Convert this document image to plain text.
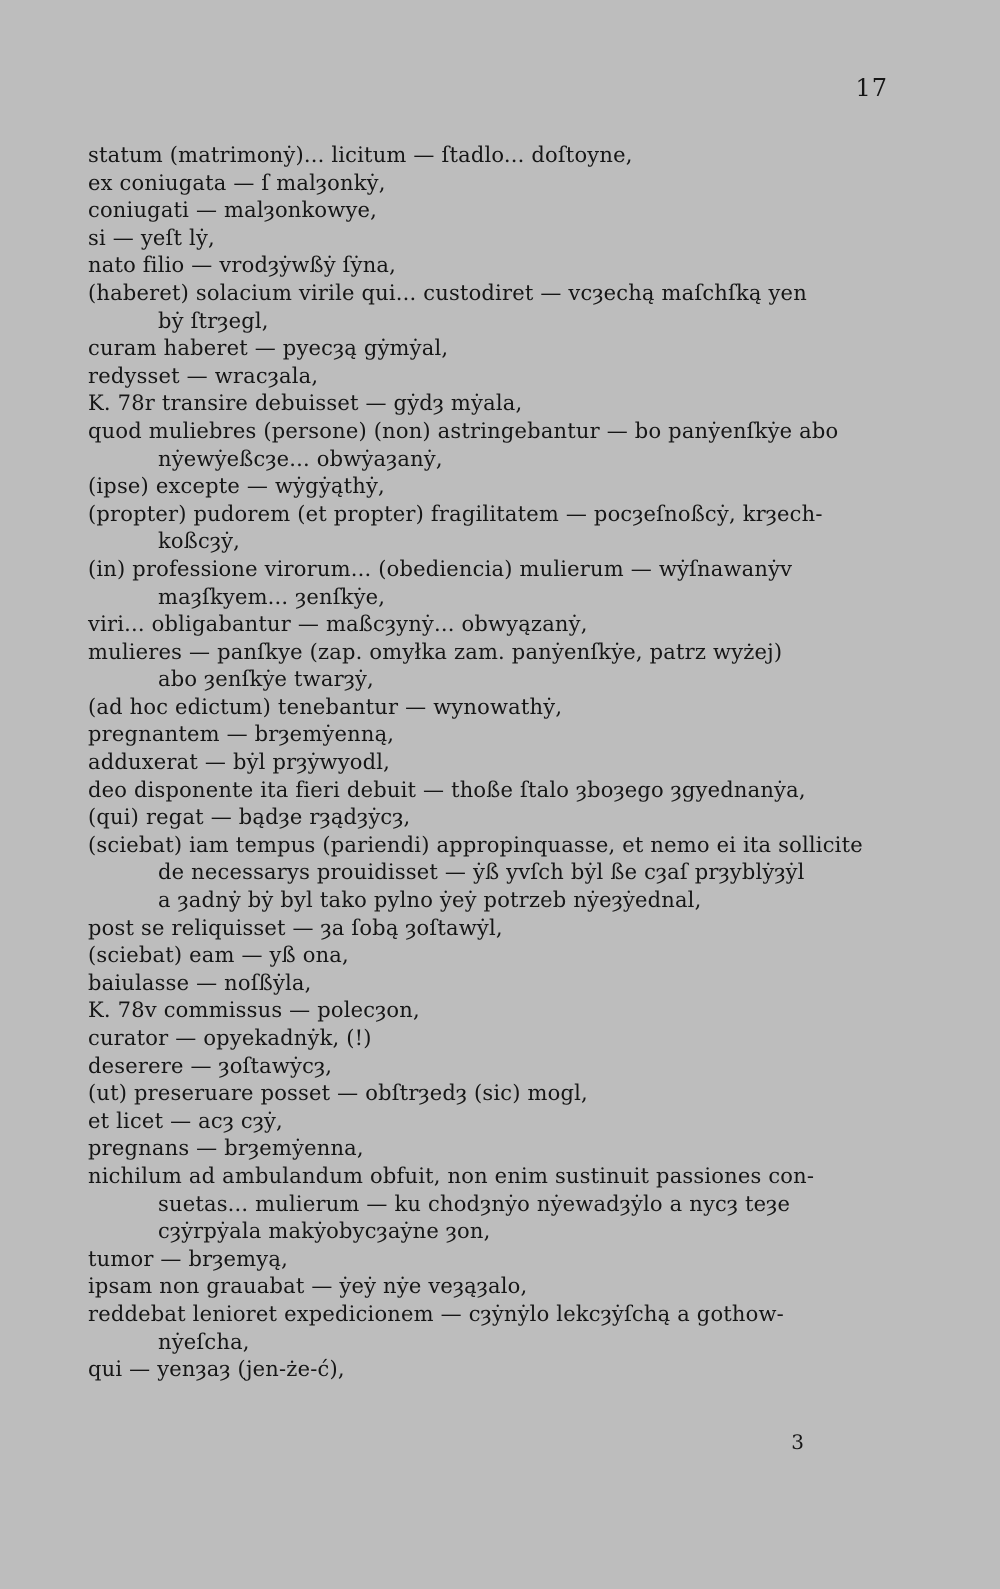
17
statum (matrimonẏ)... licitum — ſtadlo... doſtoyne,
ex coniugata — ſ malȝonkẏ,
coniugati — malȝonkowye,
si — yeſt lẏ,
nato filio — vrodȝẏwßẏ ſẏna,
(haberet) solacium virile qui... custodiret — vcȝechą maſchſką yen
bẏ ſtrȝegl,
curam haberet — pyecȝą gẏmẏal,
redysset — wracȝala,
K. 78r transire debuisset — gẏdȝ mẏala,
quod muliebres (persone) (non) astringebantur — bo panẏenſkẏe abo
nẏewẏeßcȝe... obwẏaȝanẏ,
(ipse) excepte — wẏgẏąthẏ,
(propter) pudorem (et propter) fragilitatem — pocȝeſnoßcẏ, krȝech-
koßcȝẏ,
(in) professione virorum... (obediencia) mulierum — wẏſnawanẏv
maȝſkyem... ȝenſkẏe,
viri... obligabantur — maßcȝynẏ... obwyązanẏ,
mulieres — panſkye (zap. omyłka zam. panẏenſkẏe, patrz wyżej)
abo ȝenſkẏe twarȝẏ,
(ad hoc edictum) tenebantur — wynowathẏ,
pregnantem — brȝemẏenną,
adduxerat — bẏl prȝẏwyodl,
deo disponente ita fieri debuit — thoße ſtalo ȝboȝego ȝgyednanẏa,
(qui) regat — bądȝe rȝądȝẏcȝ,
(sciebat) iam tempus (pariendi) appropinquasse, et nemo ei ita sollicite
de necessarys prouidisset — ẏß yvſch bẏl ße cȝaſ prȝyblẏȝẏl
a ȝadnẏ bẏ byl tako pylno ẏeẏ potrzeb nẏeȝẏednal,
post se reliquisset — ȝa ſobą ȝoſtawẏl,
(sciebat) eam — yß ona,
baiulasse — noſßẏla,
K. 78v commissus — polecȝon,
curator — opyekadnẏk, (!)
deserere — ȝoſtawẏcȝ,
(ut) preseruare posset — obſtrȝedȝ (sic) mogl,
et licet — acȝ cȝẏ,
pregnans — brȝemẏenna,
nichilum ad ambulandum obfuit, non enim sustinuit passiones con-
suetas... mulierum — ku chodȝnẏo nẏewadȝẏlo a nycȝ teȝe
cȝẏrpẏala makẏobycȝaẏne ȝon,
tumor — brȝemyą,
ipsam non grauabat — ẏeẏ nẏe veȝąȝalo,
reddebat lenioret expedicionem — cȝẏnẏlo lekcȝẏſchą a gothow-
nẏeſcha,
qui — yenȝaȝ (jen-że-ć),
3
